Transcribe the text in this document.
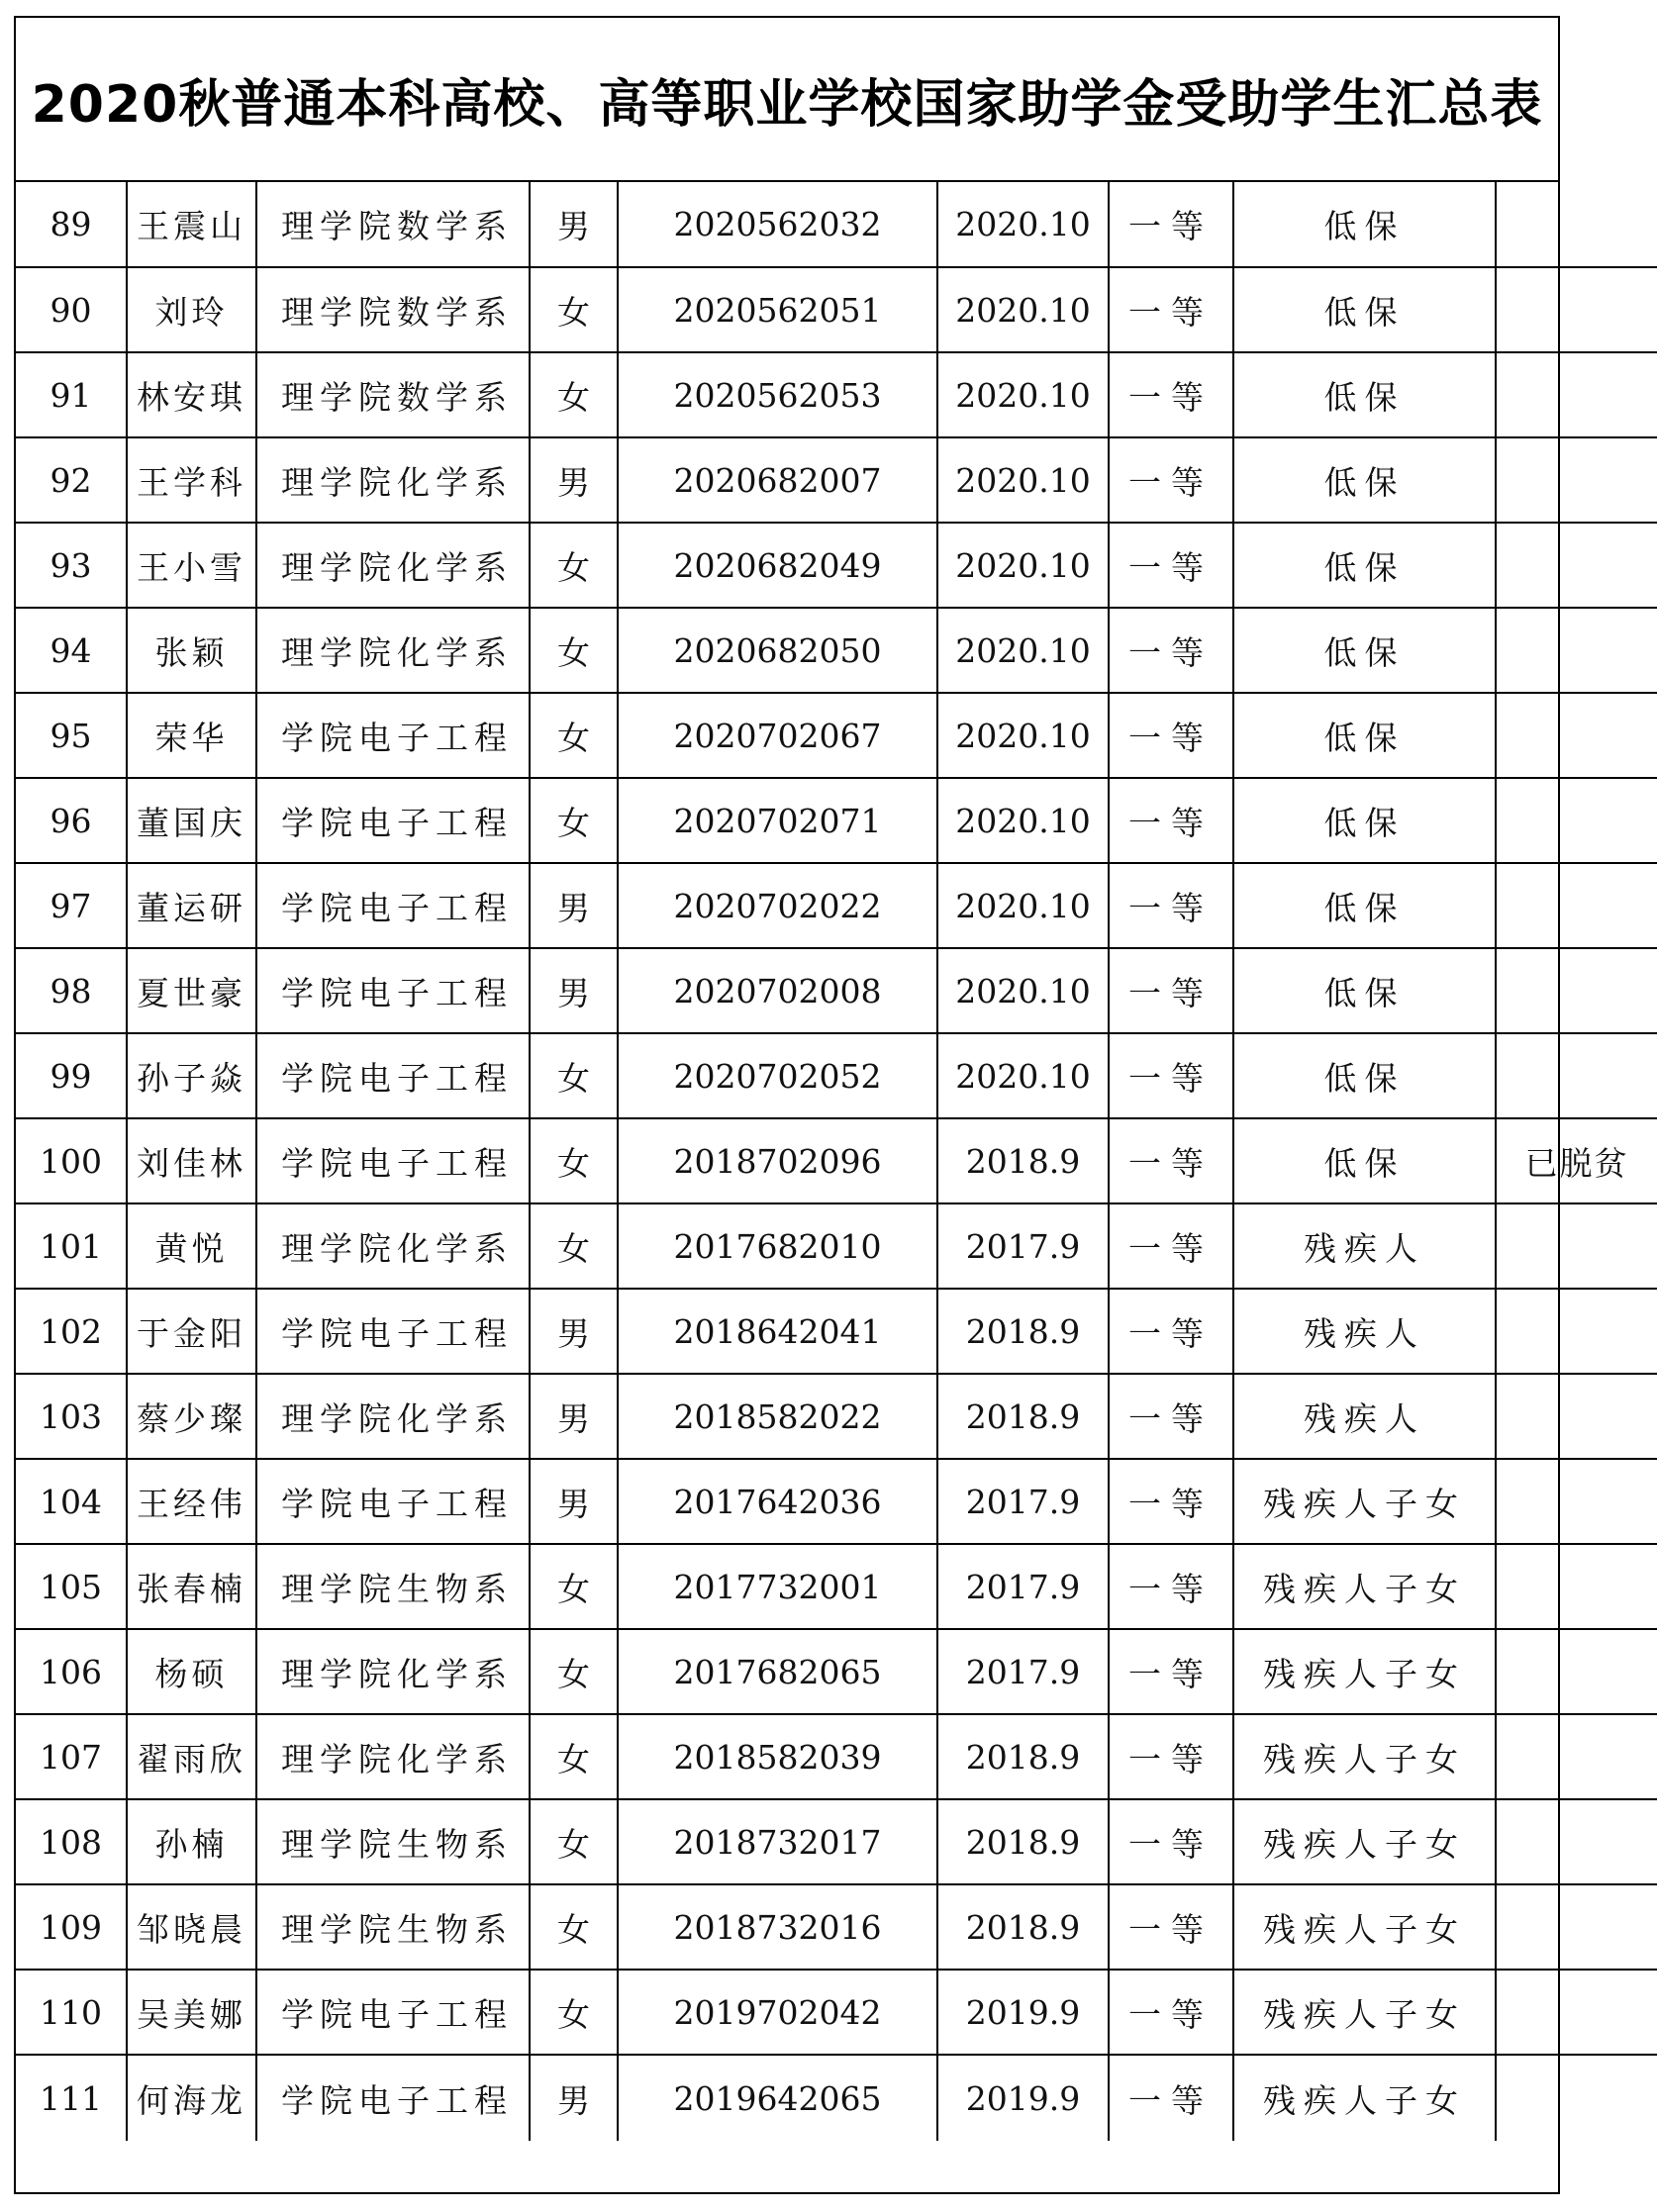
2020秋普通本科高校、高等职业学校国家助学金受助学生汇总表
89	王震山	理学院数学系	男	2020562032	2020.10	一等	低保	
90	刘玲	理学院数学系	女	2020562051	2020.10	一等	低保	
91	林安琪	理学院数学系	女	2020562053	2020.10	一等	低保	
92	王学科	理学院化学系	男	2020682007	2020.10	一等	低保	
93	王小雪	理学院化学系	女	2020682049	2020.10	一等	低保	
94	张颖	理学院化学系	女	2020682050	2020.10	一等	低保	
95	荣华	学院电子工程	女	2020702067	2020.10	一等	低保	
96	董国庆	学院电子工程	女	2020702071	2020.10	一等	低保	
97	董运研	学院电子工程	男	2020702022	2020.10	一等	低保	
98	夏世豪	学院电子工程	男	2020702008	2020.10	一等	低保	
99	孙子焱	学院电子工程	女	2020702052	2020.10	一等	低保	
100	刘佳林	学院电子工程	女	2018702096	2018.9	一等	低保	已脱贫
101	黄悦	理学院化学系	女	2017682010	2017.9	一等	残疾人	
102	于金阳	学院电子工程	男	2018642041	2018.9	一等	残疾人	
103	蔡少璨	理学院化学系	男	2018582022	2018.9	一等	残疾人	
104	王经伟	学院电子工程	男	2017642036	2017.9	一等	残疾人子女	
105	张春楠	理学院生物系	女	2017732001	2017.9	一等	残疾人子女	
106	杨硕	理学院化学系	女	2017682065	2017.9	一等	残疾人子女	
107	翟雨欣	理学院化学系	女	2018582039	2018.9	一等	残疾人子女	
108	孙楠	理学院生物系	女	2018732017	2018.9	一等	残疾人子女	
109	邹晓晨	理学院生物系	女	2018732016	2018.9	一等	残疾人子女	
110	吴美娜	学院电子工程	女	2019702042	2019.9	一等	残疾人子女	
111	何海龙	学院电子工程	男	2019642065	2019.9	一等	残疾人子女	
